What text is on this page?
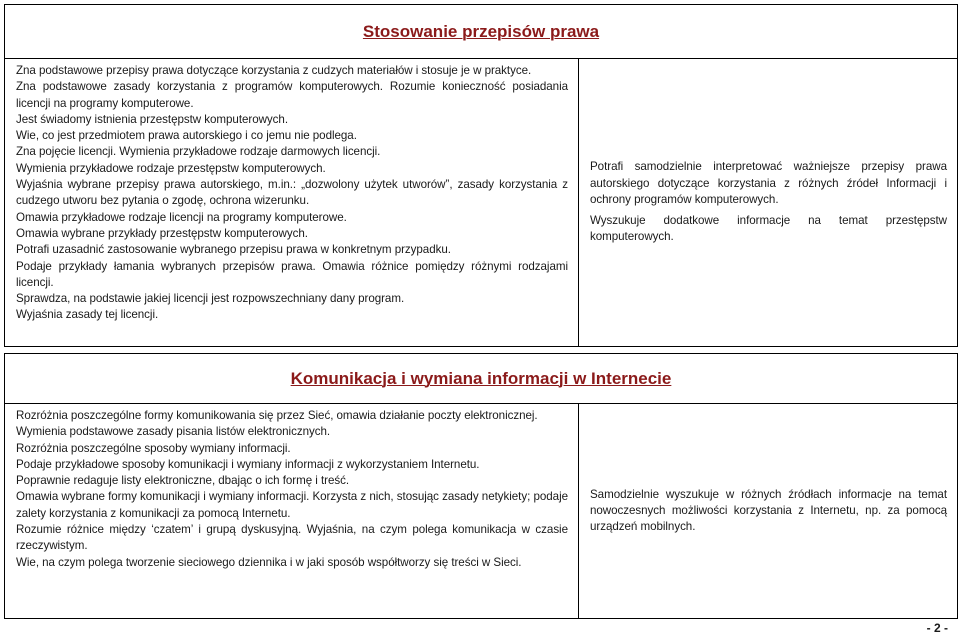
Stosowanie przepisów prawa

Zna podstawowe przepisy prawa dotyczące korzystania z cudzych materiałów i stosuje je w praktyce.

Zna podstawowe zasady korzystania z programów komputerowych. Rozumie konieczność posiadania licencji na programy komputerowe.

Jest świadomy istnienia przestępstw komputerowych.

Wie, co jest przedmiotem prawa autorskiego i co jemu nie podlega.

Zna pojęcie licencji. Wymienia przykładowe rodzaje darmowych licencji.

Wymienia przykładowe rodzaje przestępstw komputerowych.

Wyjaśnia wybrane przepisy prawa autorskiego, m.in.: „dozwolony użytek utworów”, zasady korzystania z cudzego utworu bez pytania o zgodę, ochrona wizerunku.

Omawia przykładowe rodzaje licencji na programy komputerowe.

Omawia wybrane przykłady przestępstw komputerowych.

Potrafi uzasadnić zastosowanie wybranego przepisu prawa w konkretnym przypadku.

Podaje przykłady łamania wybranych przepisów prawa. Omawia różnice pomiędzy różnymi rodzajami licencji.

Sprawdza, na podstawie jakiej licencji jest rozpowszechniany dany program.

Wyjaśnia zasady tej licencji.

Potrafi samodzielnie interpretować ważniejsze przepisy prawa autorskiego dotyczące korzystania z różnych źródeł Informacji i ochrony programów komputerowych.

Wyszukuje dodatkowe informacje na temat przestępstw komputerowych.

Komunikacja i wymiana informacji w Internecie

Rozróżnia poszczególne formy komunikowania się przez Sieć, omawia działanie poczty elektronicznej.

Wymienia podstawowe zasady pisania listów elektronicznych.

Rozróżnia poszczególne sposoby wymiany informacji.

Podaje przykładowe sposoby komunikacji i wymiany informacji z wykorzystaniem Internetu.

Poprawnie redaguje listy elektroniczne, dbając o ich formę i treść.

Omawia wybrane formy komunikacji i wymiany informacji. Korzysta z nich, stosując zasady netykiety; podaje zalety korzystania z komunikacji za pomocą Internetu.

Rozumie różnice między ‘czatem’ i grupą dyskusyjną. Wyjaśnia, na czym polega komunikacja w czasie rzeczywistym.

Wie, na czym polega tworzenie sieciowego dziennika i w jaki sposób współtworzy się treści w Sieci.

Samodzielnie wyszukuje w różnych źródłach informacje na temat nowoczesnych możliwości korzystania z Internetu, np. za pomocą urządzeń mobilnych.

- 2 -
